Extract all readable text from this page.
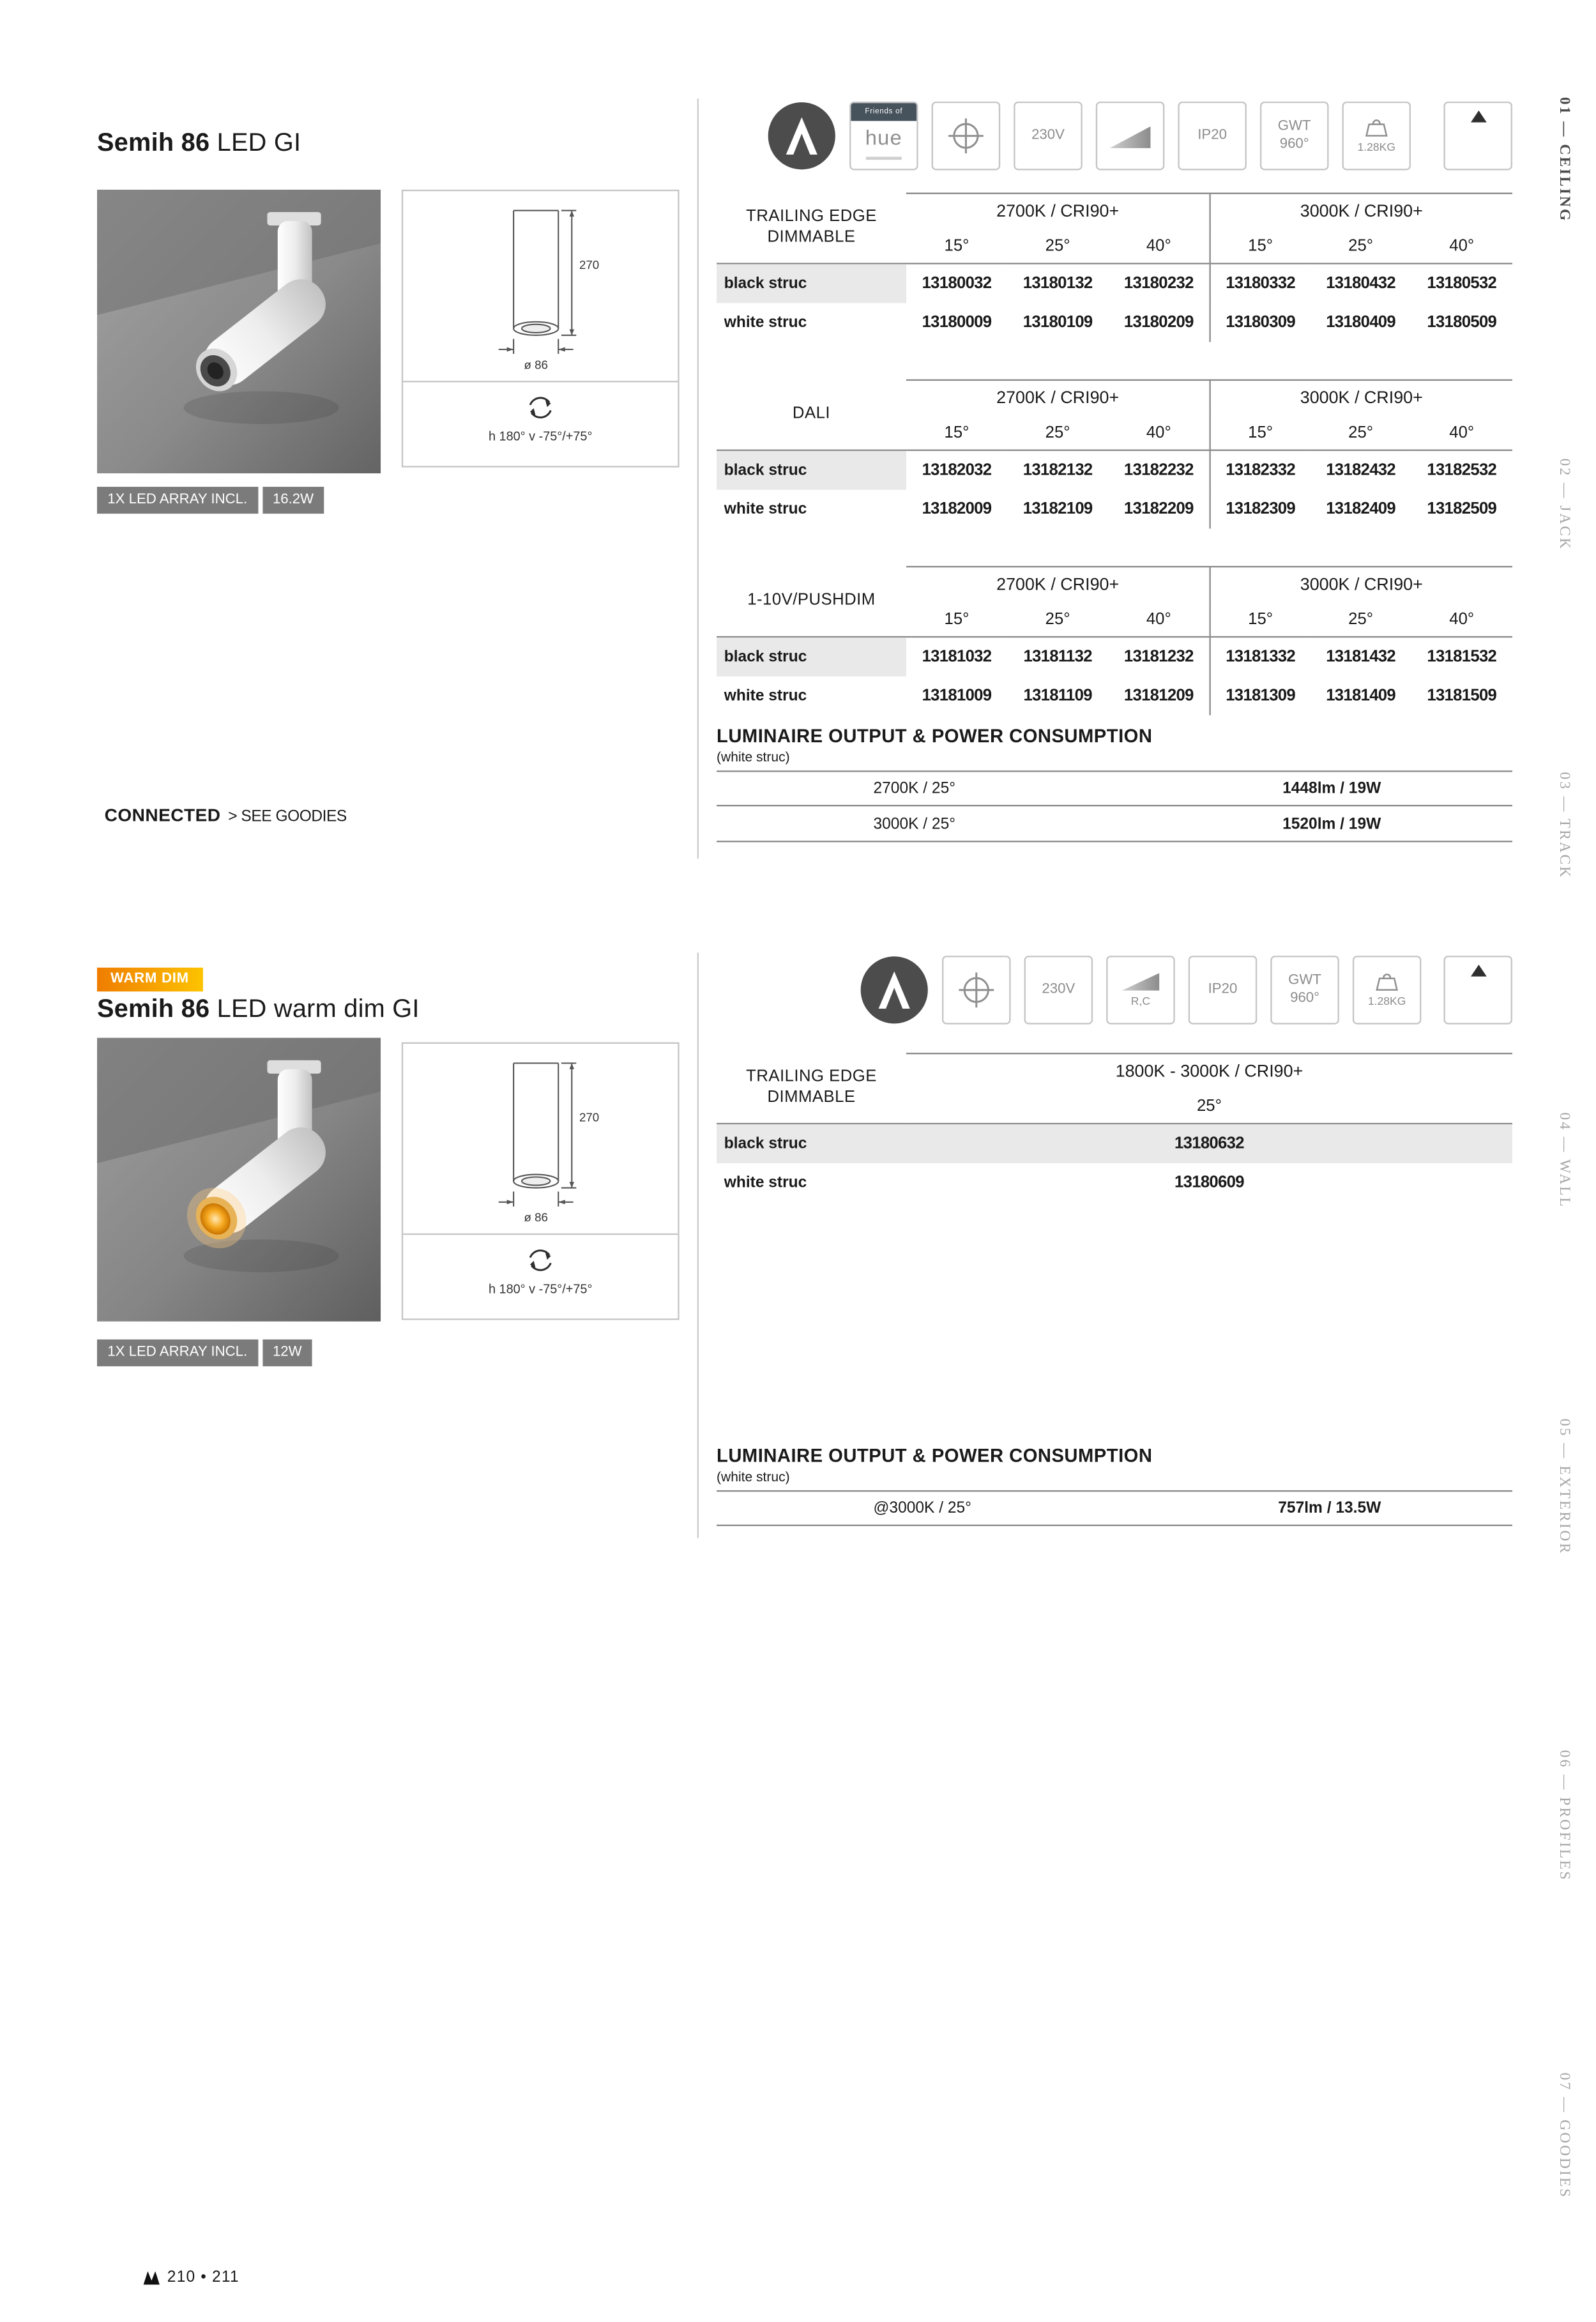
Semih 86 LED GI
270
ø 86
h 180° v -75°/+75°
1X LED ARRAY INCL.	16.2W
CONNECTED > SEE GOODIES
Friends of
hue	230V	IP20
GWT
960°	1.28KG
TRAILING EDGE
DIMMABLE
2700K / CRI90+	3000K / CRI90+
15°	25°	40°	15°	25°	40°
black struc	13180032	13180132	13180232	13180332	13180432	13180532
white struc	13180009	13180109	13180209	13180309	13180409	13180509
DALI
2700K / CRI90+	3000K / CRI90+
15°	25°	40°	15°	25°	40°
black struc	13182032	13182132	13182232	13182332	13182432	13182532
white struc	13182009	13182109	13182209	13182309	13182409	13182509
1-10V/PUSHDIM
2700K / CRI90+	3000K / CRI90+
15°	25°	40°	15°	25°	40°
black struc	13181032	13181132	13181232	13181332	13181432	13181532
white struc	13181009	13181109	13181209	13181309	13181409	13181509
LUMINAIRE OUTPUT & POWER CONSUMPTION
(white struc)
2700K / 25°	1448lm / 19W
3000K / 25°	1520lm / 19W
WARM DIM
Semih 86 LED warm dim GI
270
ø 86
h 180° v -75°/+75°
1X LED ARRAY INCL.	12W
230V
R,C
IP20
GWT
960°	1.28KG
TRAILING EDGE
DIMMABLE
1800K - 3000K / CRI90+
25°
black struc	13180632
white struc	13180609
LUMINAIRE OUTPUT & POWER CONSUMPTION
(white struc)
@3000K / 25°	757lm / 13.5W
01 — CEILING
02 — JACK
03 — TRACK
04 — WALL
05 — EXTERIOR
06 — PROFILES
07 — GOODIES
210 • 211
